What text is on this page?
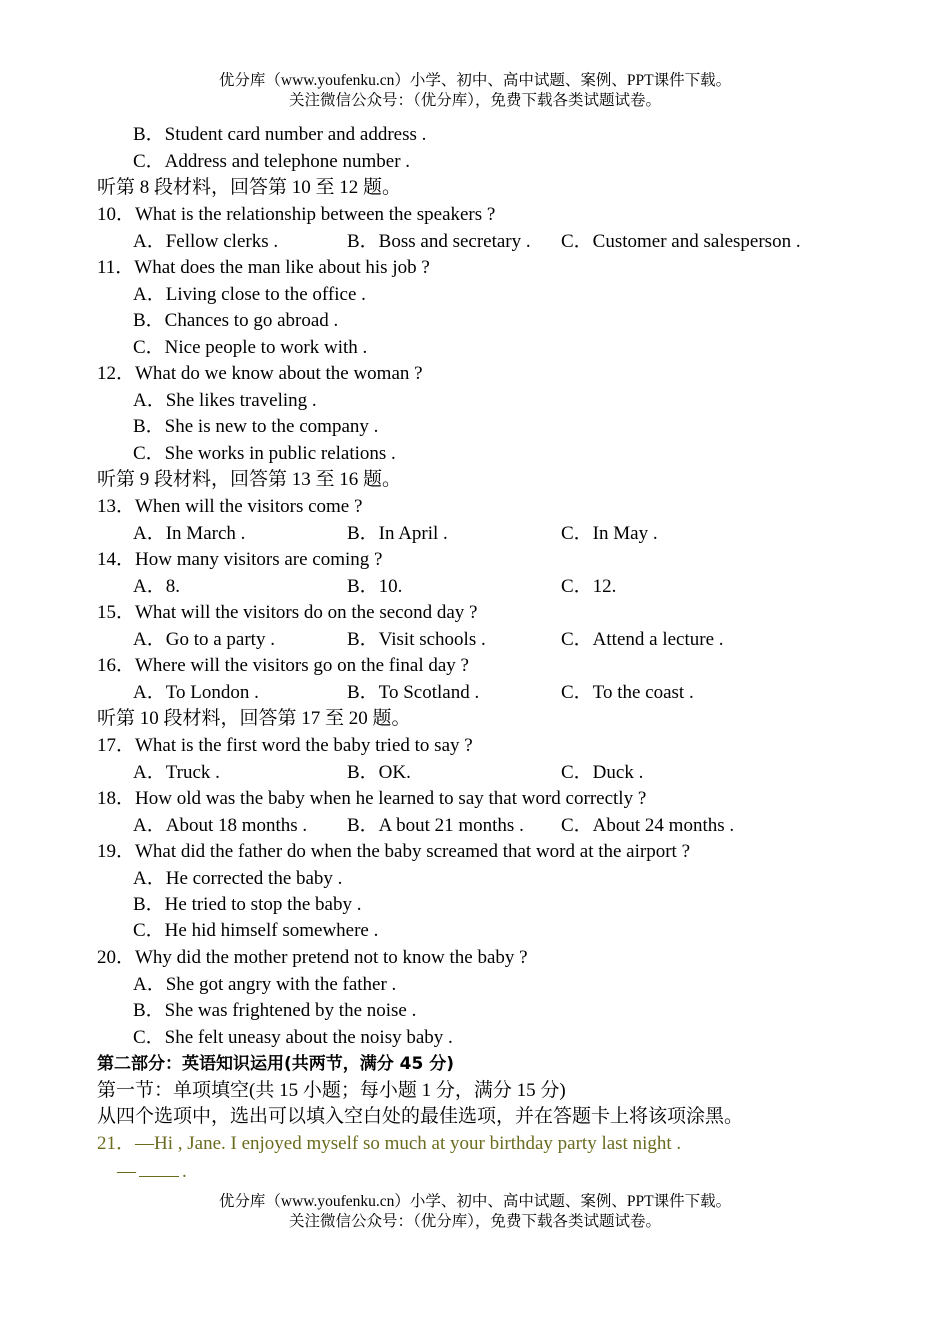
优分库（www.youfenku.cn）小学、初中、高中试题、案例、PPT课件下载。
关注微信公众号：（优分库），免费下载各类试题试卷。
B．Student card number and address .
C．Address and telephone number .
听第 8 段材料，回答第 10 至 12 题。
10．What is the relationship between the speakers ?
A．Fellow clerks .	B．Boss and secretary . C．Customer and salesperson .
11．What does the man like about his job ?
A．Living close to the office .
B．Chances to go abroad .
C．Nice people to work with .
12．What do we know about the woman ?
A．She likes traveling .
B．She is new to the company .
C．She works in public relations .
听第 9 段材料，回答第 13 至 16 题。
13．When will the visitors come ?
A．In March .	B．In April .	C．In May .
14．How many visitors are coming ?
A．8.	B．10.	C．12.
15．What will the visitors do on the second day ?
A．Go to a party .	B．Visit schools .	C．Attend a lecture .
16．Where will the visitors go on the final day ?
A．To London .	B．To Scotland .	C．To the coast .
听第 10 段材料，回答第 17 至 20 题。
17．What is the first word the baby tried to say ?
A．Truck .	B．OK.	C．Duck .
18．How old was the baby when he learned to say that word correctly ?
A．About 18 months . B．A bout 21 months . C．About 24 months .
19．What did the father do when the baby screamed that word at the airport ?
A．He corrected the baby .
B．He tried to stop the baby .
C．He hid himself somewhere .
20．Why did the mother pretend not to know the baby ?
A．She got angry with the father .
B．She was frightened by the noise .
C．She felt uneasy about the noisy baby .
第二部分：英语知识运用(共两节，满分 45 分)
第一节：单项填空(共 15 小题；每小题 1 分，满分 15 分)
从四个选项中，选出可以填入空白处的最佳选项，并在答题卡上将该项涂黑。
21．—Hi , Jane. I enjoyed myself so much at your birthday party last night .
— .
优分库（www.youfenku.cn）小学、初中、高中试题、案例、PPT课件下载。
关注微信公众号：（优分库），免费下载各类试题试卷。
